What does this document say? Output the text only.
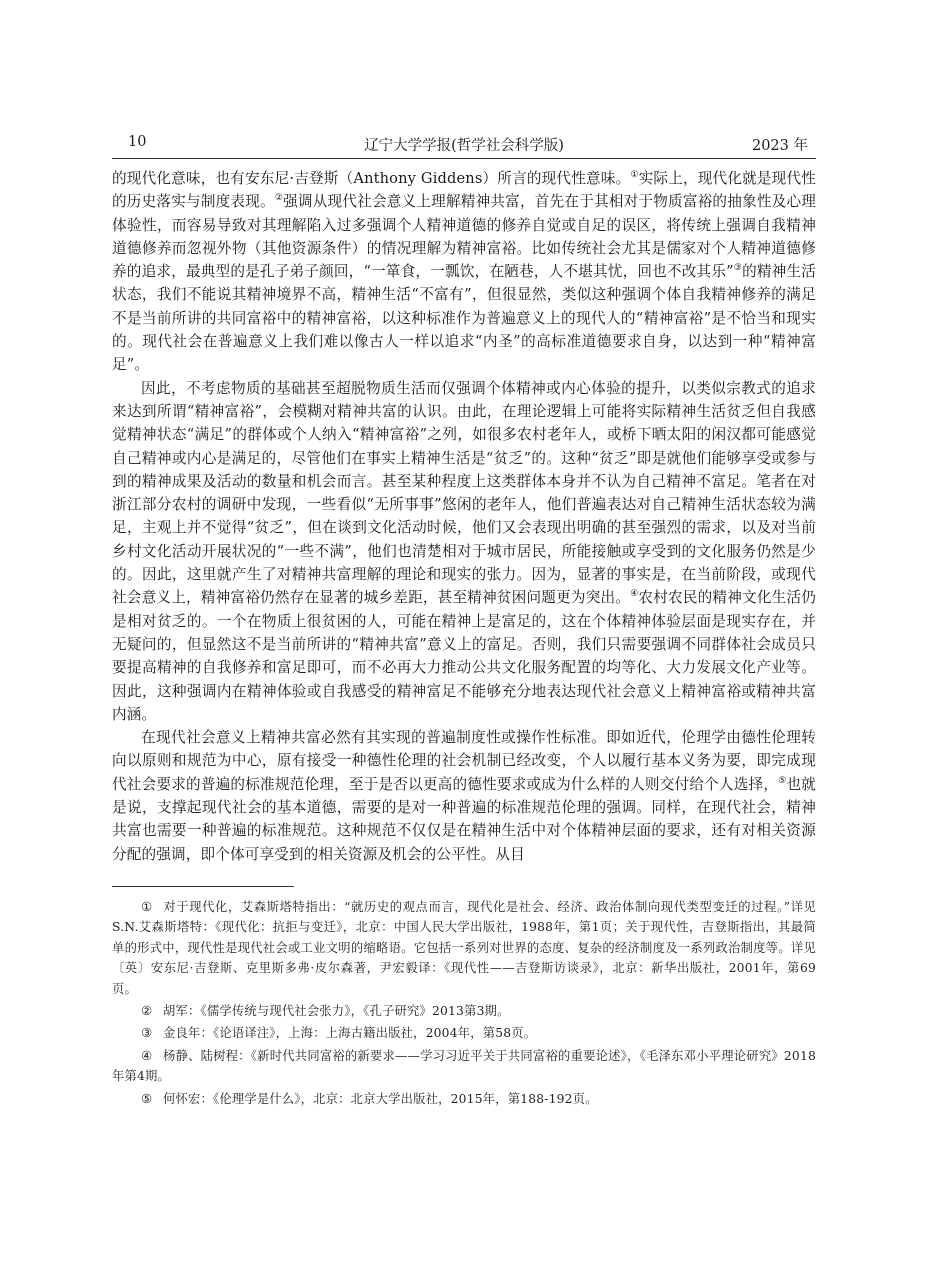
10	辽宁大学学报(哲学社会科学版)	2023 年

的现代化意味，也有安东尼·吉登斯（Anthony Giddens）所言的现代性意味。①实际上，现代化就是现代性的历史落实与制度表现。②强调从现代社会意义上理解精神共富，首先在于其相对于物质富裕的抽象性及心理体验性，而容易导致对其理解陷入过多强调个人精神道德的修养自觉或自足的误区，将传统上强调自我精神道德修养而忽视外物（其他资源条件）的情况理解为精神富裕。比如传统社会尤其是儒家对个人精神道德修养的追求，最典型的是孔子弟子颜回，“一箪食，一瓢饮，在陋巷，人不堪其忧，回也不改其乐”③的精神生活状态，我们不能说其精神境界不高，精神生活“不富有”，但很显然，类似这种强调个体自我精神修养的满足不是当前所讲的共同富裕中的精神富裕，以这种标准作为普遍意义上的现代人的“精神富裕”是不恰当和现实的。现代社会在普遍意义上我们难以像古人一样以追求“内圣”的高标准道德要求自身，以达到一种“精神富足”。

因此，不考虑物质的基础甚至超脱物质生活而仅强调个体精神或内心体验的提升，以类似宗教式的追求来达到所谓“精神富裕”，会模糊对精神共富的认识。由此，在理论逻辑上可能将实际精神生活贫乏但自我感觉精神状态“满足”的群体或个人纳入“精神富裕”之列，如很多农村老年人，或桥下晒太阳的闲汉都可能感觉自己精神或内心是满足的，尽管他们在事实上精神生活是“贫乏”的。这种“贫乏”即是就他们能够享受或参与到的精神成果及活动的数量和机会而言。甚至某种程度上这类群体本身并不认为自己精神不富足。笔者在对浙江部分农村的调研中发现，一些看似“无所事事”悠闲的老年人，他们普遍表达对自己精神生活状态较为满足，主观上并不觉得“贫乏”，但在谈到文化活动时候，他们又会表现出明确的甚至强烈的需求，以及对当前乡村文化活动开展状况的“一些不满”，他们也清楚相对于城市居民，所能接触或享受到的文化服务仍然是少的。因此，这里就产生了对精神共富理解的理论和现实的张力。因为，显著的事实是，在当前阶段，或现代社会意义上，精神富裕仍然存在显著的城乡差距，甚至精神贫困问题更为突出。④农村农民的精神文化生活仍是相对贫乏的。一个在物质上很贫困的人，可能在精神上是富足的，这在个体精神体验层面是现实存在，并无疑问的，但显然这不是当前所讲的“精神共富”意义上的富足。否则，我们只需要强调不同群体社会成员只要提高精神的自我修养和富足即可，而不必再大力推动公共文化服务配置的均等化、大力发展文化产业等。因此，这种强调内在精神体验或自我感受的精神富足不能够充分地表达现代社会意义上精神富裕或精神共富内涵。

在现代社会意义上精神共富必然有其实现的普遍制度性或操作性标准。即如近代，伦理学由德性伦理转向以原则和规范为中心，原有接受一种德性伦理的社会机制已经改变，个人以履行基本义务为要，即完成现代社会要求的普遍的标准规范伦理，至于是否以更高的德性要求或成为什么样的人则交付给个人选择，⑤也就是说，支撑起现代社会的基本道德，需要的是对一种普遍的标准规范伦理的强调。同样，在现代社会，精神共富也需要一种普遍的标准规范。这种规范不仅仅是在精神生活中对个体精神层面的要求，还有对相关资源分配的强调，即个体可享受到的相关资源及机会的公平性。从目

① 对于现代化，艾森斯塔特指出：“就历史的观点而言，现代化是社会、经济、政治体制向现代类型变迁的过程。”详见S.N.艾森斯塔特：《现代化：抗拒与变迁》，北京：中国人民大学出版社，1988年，第1页；关于现代性，吉登斯指出，其最简单的形式中，现代性是现代社会或工业文明的缩略语。它包括一系列对世界的态度、复杂的经济制度及一系列政治制度等。详见〔英〕安东尼·吉登斯、克里斯多弗·皮尔森著，尹宏毅译：《现代性——吉登斯访谈录》，北京：新华出版社，2001年，第69页。

② 胡军：《儒学传统与现代社会张力》，《孔子研究》2013第3期。

③ 金良年：《论语译注》，上海：上海古籍出版社，2004年，第58页。

④ 杨静、陆树程：《新时代共同富裕的新要求——学习习近平关于共同富裕的重要论述》，《毛泽东邓小平理论研究》2018年第4期。

⑤ 何怀宏：《伦理学是什么》，北京：北京大学出版社，2015年，第188-192页。
